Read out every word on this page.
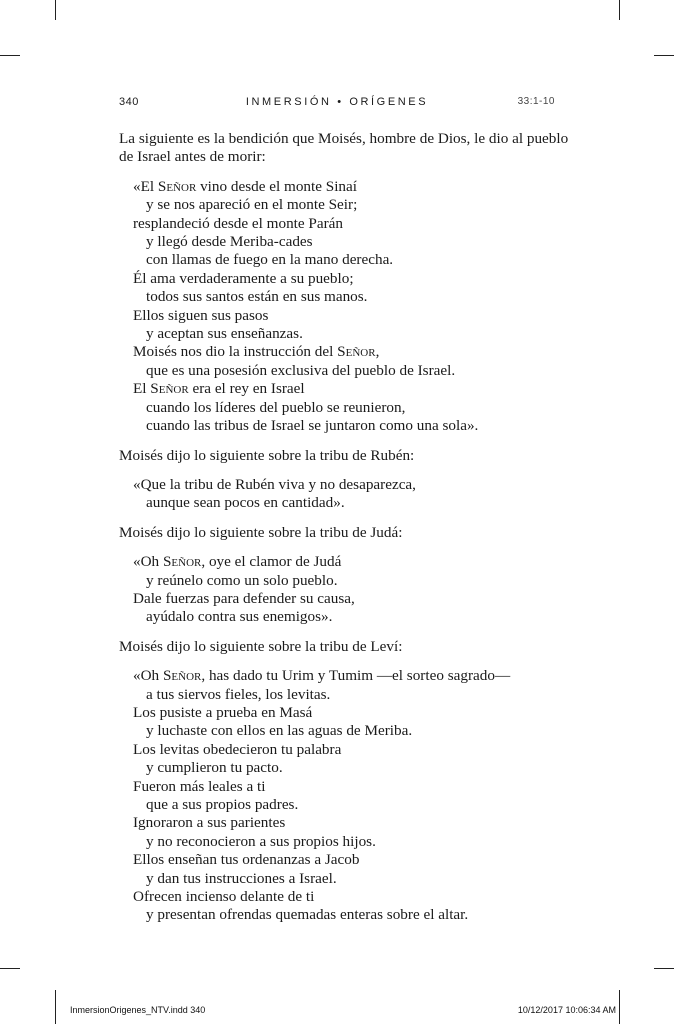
340	INMERSIÓN • ORÍGENES	33:1-10
La siguiente es la bendición que Moisés, hombre de Dios, le dio al pueblo
de Israel antes de morir:
«El Señor vino desde el monte Sinaí
y se nos apareció en el monte Seir;
resplandeció desde el monte Parán
y llegó desde Meriba-cades
con llamas de fuego en la mano derecha.
Él ama verdaderamente a su pueblo;
todos sus santos están en sus manos.
Ellos siguen sus pasos
y aceptan sus enseñanzas.
Moisés nos dio la instrucción del Señor,
que es una posesión exclusiva del pueblo de Israel.
El Señor era el rey en Israel
cuando los líderes del pueblo se reunieron,
cuando las tribus de Israel se juntaron como una sola».
Moisés dijo lo siguiente sobre la tribu de Rubén:
«Que la tribu de Rubén viva y no desaparezca,
aunque sean pocos en cantidad».
Moisés dijo lo siguiente sobre la tribu de Judá:
«Oh Señor, oye el clamor de Judá
y reúnelo como un solo pueblo.
Dale fuerzas para defender su causa,
ayúdalo contra sus enemigos».
Moisés dijo lo siguiente sobre la tribu de Leví:
«Oh Señor, has dado tu Urim y Tumim —el sorteo sagrado—
a tus siervos fieles, los levitas.
Los pusiste a prueba en Masá
y luchaste con ellos en las aguas de Meriba.
Los levitas obedecieron tu palabra
y cumplieron tu pacto.
Fueron más leales a ti
que a sus propios padres.
Ignoraron a sus parientes
y no reconocieron a sus propios hijos.
Ellos enseñan tus ordenanzas a Jacob
y dan tus instrucciones a Israel.
Ofrecen incienso delante de ti
y presentan ofrendas quemadas enteras sobre el altar.
InmersionOrigenes_NTV.indd 340	10/12/2017 10:06:34 AM
